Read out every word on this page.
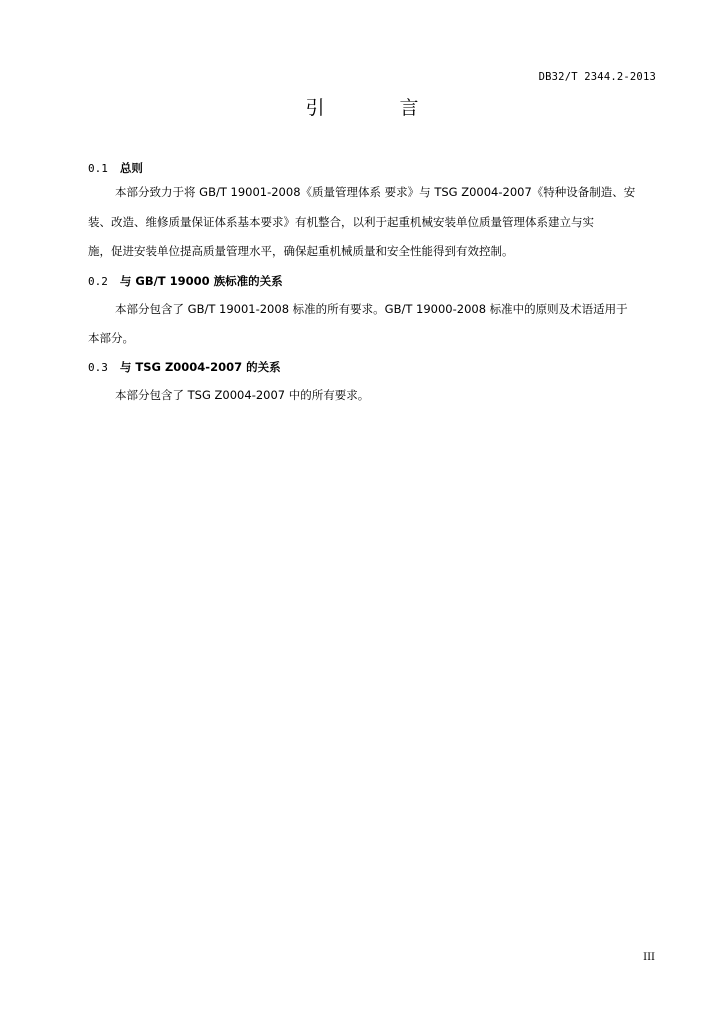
DB32/T 2344.2-2013
引　言
0.1 总则
本部分致力于将 GB/T 19001-2008《质量管理体系 要求》与 TSG Z0004-2007《特种设备制造、安
装、改造、维修质量保证体系基本要求》有机整合，以利于起重机械安装单位质量管理体系建立与实
施，促进安装单位提高质量管理水平，确保起重机械质量和安全性能得到有效控制。
0.2 与 GB/T 19000 族标准的关系
本部分包含了 GB/T 19001-2008 标准的所有要求。GB/T 19000-2008 标准中的原则及术语适用于
本部分。
0.3 与 TSG Z0004-2007 的关系
本部分包含了 TSG Z0004-2007 中的所有要求。
III
